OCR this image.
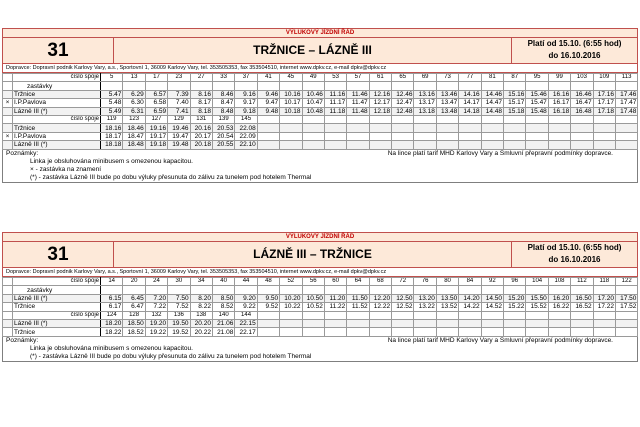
VÝLUKOVÝ JÍZDNÍ ŘÁD
31	TRŽNICE – LÁZNĚ III	Platí od 15.10. (6:55 hod)
do 16.10.2016
Dopravce: Dopravní podnik Karlovy Vary, a.s., Sportovní 1, 36009 Karlovy Vary, tel. 353505353, fax 353504510, internet www.dpkv.cz, e-mail dpkv@dpkv.cz
	číslo spoje	5	13	17	23	27	33	37	41	45	49	53	57	61	65	69	73	77	81	87	95	99	103	109	113
	zastávky																								
	Tržnice	5.47	6.29	6.57	7.39	8.16	8.46	9.16	9.46	10.16	10.46	11.16	11.46	12.16	12.46	13.16	13.46	14.16	14.46	15.16	15.46	16.16	16.46	17.16	17.46
×	I.P.Pavlova	5.48	6.30	6.58	7.40	8.17	8.47	9.17	9.47	10.17	10.47	11.17	11.47	12.17	12.47	13.17	13.47	14.17	14.47	15.17	15.47	16.17	16.47	17.17	17.47
	Lázně III (*)	5.49	6.31	6.59	7.41	8.18	8.48	9.18	9.48	10.18	10.48	11.18	11.48	12.18	12.48	13.18	13.48	14.18	14.48	15.18	15.48	16.18	16.48	17.18	17.48
	číslo spoje	119	123	127	129	131	139	145																	
	Tržnice	18.16	18.46	19.16	19.46	20.16	20.53	22.08																	
×	I.P.Pavlova	18.17	18.47	19.17	19.47	20.17	20.54	22.09																	
	Lázně III (*)	18.18	18.48	19.18	19.48	20.18	20.55	22.10																	
Poznámky:	Na lince platí tarif MHD Karlovy Vary a Smluvní přepravní podmínky dopravce.
Linka je obsluhována minibusem s omezenou kapacitou.
× - zastávka na znamení
(*) - zastávka Lázně III bude po dobu výluky přesunuta do zálivu za tunelem pod hotelem Thermal
VÝLUKOVÝ JÍZDNÍ ŘÁD
31	LÁZNĚ III – TRŽNICE	Platí od 15.10. (6:55 hod)
do 16.10.2016
Dopravce: Dopravní podnik Karlovy Vary, a.s., Sportovní 1, 36009 Karlovy Vary, tel. 353505353, fax 353504510, internet www.dpkv.cz, e-mail dpkv@dpkv.cz
	číslo spoje	14	20	24	30	34	40	44	48	52	56	60	64	68	72	76	80	84	92	96	104	108	112	118	122
	zastávky																								
	Lázně III (*)	6.15	6.45	7.20	7.50	8.20	8.50	9.20	9.50	10.20	10.50	11.20	11.50	12.20	12.50	13.20	13.50	14.20	14.50	15.20	15.50	16.20	16.50	17.20	17.50
	Tržnice	6.17	6.47	7.22	7.52	8.22	8.52	9.22	9.52	10.22	10.52	11.22	11.52	12.22	12.52	13.22	13.52	14.22	14.52	15.22	15.52	16.22	16.52	17.22	17.52
	číslo spoje	124	128	132	136	138	140	144																	
	Lázně III (*)	18.20	18.50	19.20	19.50	20.20	21.06	22.15																	
	Tržnice	18.22	18.52	19.22	19.52	20.22	21.08	22.17																	
Poznámky:	Na lince platí tarif MHD Karlovy Vary a Smluvní přepravní podmínky dopravce.
Linka je obsluhována minibusem s omezenou kapacitou.
(*) - zastávka Lázně III bude po dobu výluky přesunuta do zálivu za tunelem pod hotelem Thermal
